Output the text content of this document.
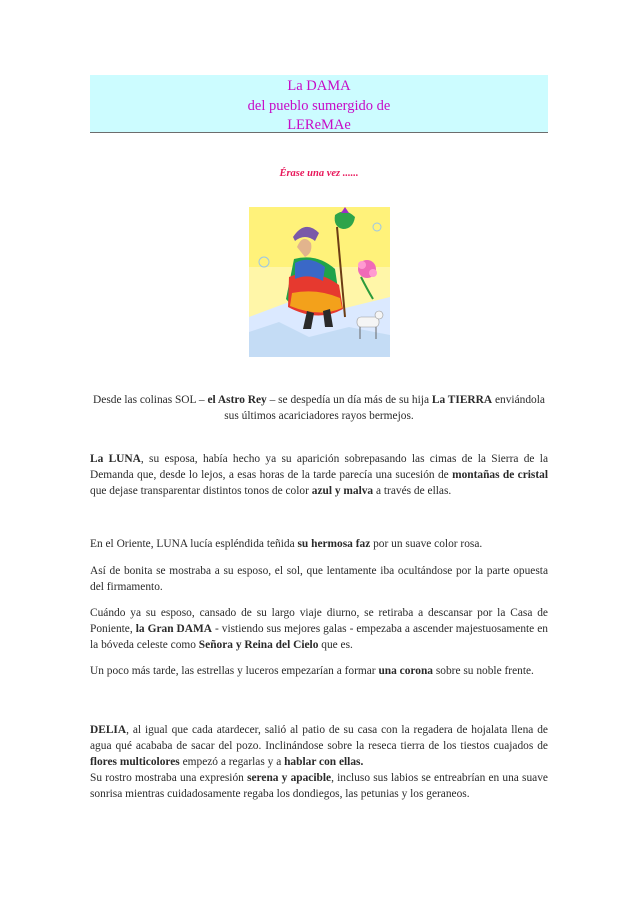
La DAMA
del pueblo sumergido de
LEReMAe
Érase una vez ......

Desde las colinas SOL – el Astro Rey – se despedía un día más de su hija La TIERRA enviándola sus últimos acariciadores rayos bermejos.

La LUNA, su esposa, había hecho ya su aparición sobrepasando las cimas de la Sierra de la Demanda que, desde lo lejos, a esas horas de la tarde parecía una sucesión de montañas de cristal que dejase transparentar distintos tonos de color azul y malva a través de ellas.

En el Oriente, LUNA lucía espléndida teñida su hermosa faz por un suave color rosa.

Así de bonita se mostraba a su esposo, el sol, que lentamente iba ocultándose por la parte opuesta del firmamento.

Cuándo ya su esposo, cansado de su largo viaje diurno, se retiraba a descansar por la Casa de Poniente, la Gran DAMA - vistiendo sus mejores galas - empezaba a ascender majestuosamente en la bóveda celeste como Señora y Reina del Cielo que es.

Un poco más tarde, las estrellas y luceros empezarían a formar una corona sobre su noble frente.

DELIA, al igual que cada atardecer, salió al patio de su casa con la regadera de hojalata llena de agua qué acababa de sacar del pozo. Inclinándose sobre la reseca tierra de los tiestos cuajados de flores multicolores empezó a regarlas y a hablar con ellas.

Su rostro mostraba una expresión serena y apacible, incluso sus labios se entreabrían en una suave sonrisa mientras cuidadosamente regaba los dondiegos, las petunias y los geraneos.
